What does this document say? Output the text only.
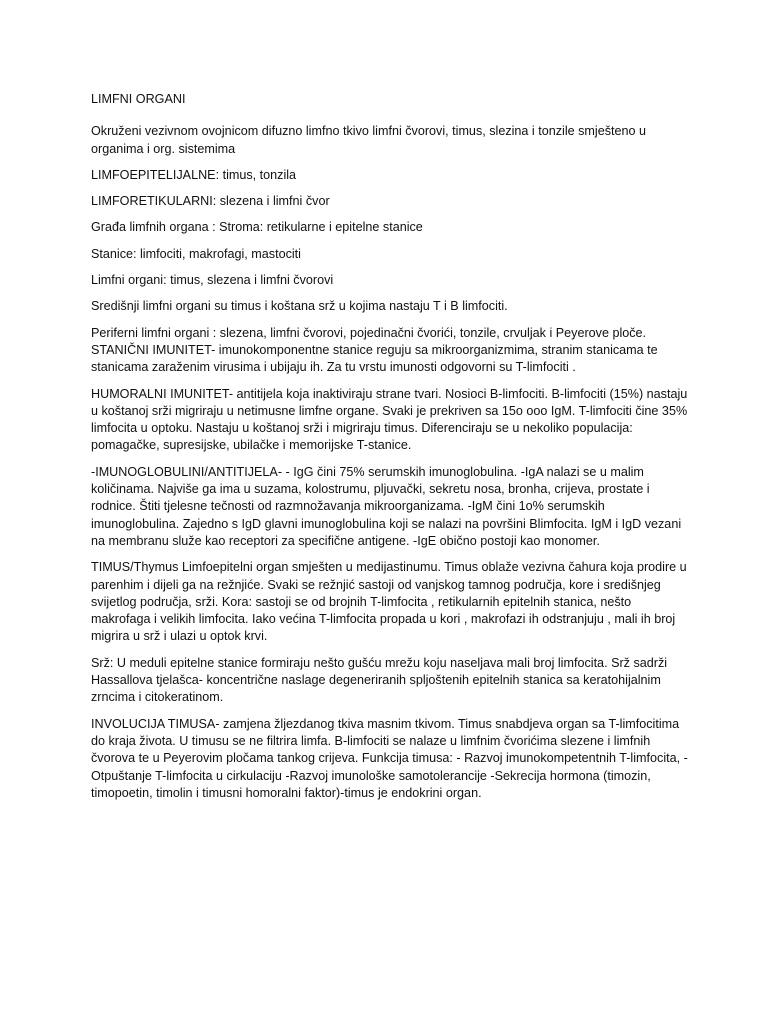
LIMFNI ORGANI

Okruženi vezivnom ovojnicom difuzno limfno tkivo limfni čvorovi, timus, slezina i tonzile smještеno u organima i org. sistemima

LIMFOEPITELIJALNE: timus, tonzila

LIMFORETIKULARNI: slezena i limfni čvor

Građa limfnih organa : Stroma: retikularne i epitelne stanice

Stanice: limfociti, makrofagi, mastociti

Limfni organi: timus, slezena i limfni čvorovi

Središnji limfni organi su timus i koštana srž u kojima nastaju T i B limfociti.

Periferni limfni organi : slezena, limfni čvorovi, pojedinačni čvorići, tonzile, crvuljak i Peyerove ploče. STANIČNI IMUNITET- imunokomponentne stanice reguju sa mikroorganizmima, stranim stanicama te stanicama zaraženim virusima i ubijaju ih. Za tu vrstu imunosti odgovorni su T-limfociti .

HUMORALNI IMUNITET- antitijela koja inaktiviraju strane tvari. Nosioci B-limfociti. B-limfociti (15%) nastaju u koštanoj srži migriraju u netimusne limfne organe. Svaki je prekriven sa 15o ooo IgM. T-limfociti čine 35% limfocita u optoku. Nastaju u koštanoj srži i migriraju timus. Diferenciraju se u nekoliko populacija: pomagačke, supresijske, ubilačke i memorijske T-stanice.

-IMUNOGLOBULINI/ANTITIJELA- - IgG čini 75% serumskih imunoglobulina. -IgA nalazi se u malim količinama. Najviše ga ima u suzama, kolostrumu, pljuvački, sekretu nosa, bronha, crijeva, prostate i rodnice. Štiti tjelesne tečnosti od razmnožavanja mikroorganizama. -IgM čini 1o% serumskih imunoglobulina. Zajedno s IgD glavni imunoglobulina koji se nalazi na površini Blimfocita. IgM i IgD vezani na membranu služe kao receptori za specifične antigene. -IgE obično postoji kao monomer.

TIMUS/Thymus Limfoepitelni organ smješten u medijastinumu. Timus oblaže vezivna čahura koja prodire u parenhim i dijeli ga na režnjiće. Svaki se režnjić sastoji od vanjskog tamnog područja, kore i središnjeg svijetlog područja, srži. Kora: sastoji se od brojnih T-limfocita , retikularnih epitelnih stanica, nešto makrofaga i velikih limfocita. Iako većina T-limfocita propada u kori , makrofazi ih odstranjuju , mali ih broj migrira u srž i ulazi u optok krvi.

Srž: U meduli epitelne stanice formiraju nešto gušću mrežu koju naseljava mali broj limfocita. Srž sadrži Hassallova tjelašca- koncentrične naslage degeneriranih spljoštenih epitelnih stanica sa keratohijalnim zrncima i citokeratinom.

INVOLUCIJA TIMUSA- zamjena žljezdanog tkiva masnim tkivom. Timus snabdjeva organ sa T-limfocitima do kraja života. U timusu se ne filtrira limfa. B-limfociti se nalaze u limfnim čvorićima slezene i limfnih čvorova te u Peyerovim pločama tankog crijeva. Funkcija timusa: - Razvoj imunokompetentnih T-limfocita, -Otpuštanje T-limfocita u cirkulaciju -Razvoj imunološke samotolerancije -Sekrecija hormona (timozin, timopoetin, timolin i timusni homoralni faktor)-timus je endokrini organ.
